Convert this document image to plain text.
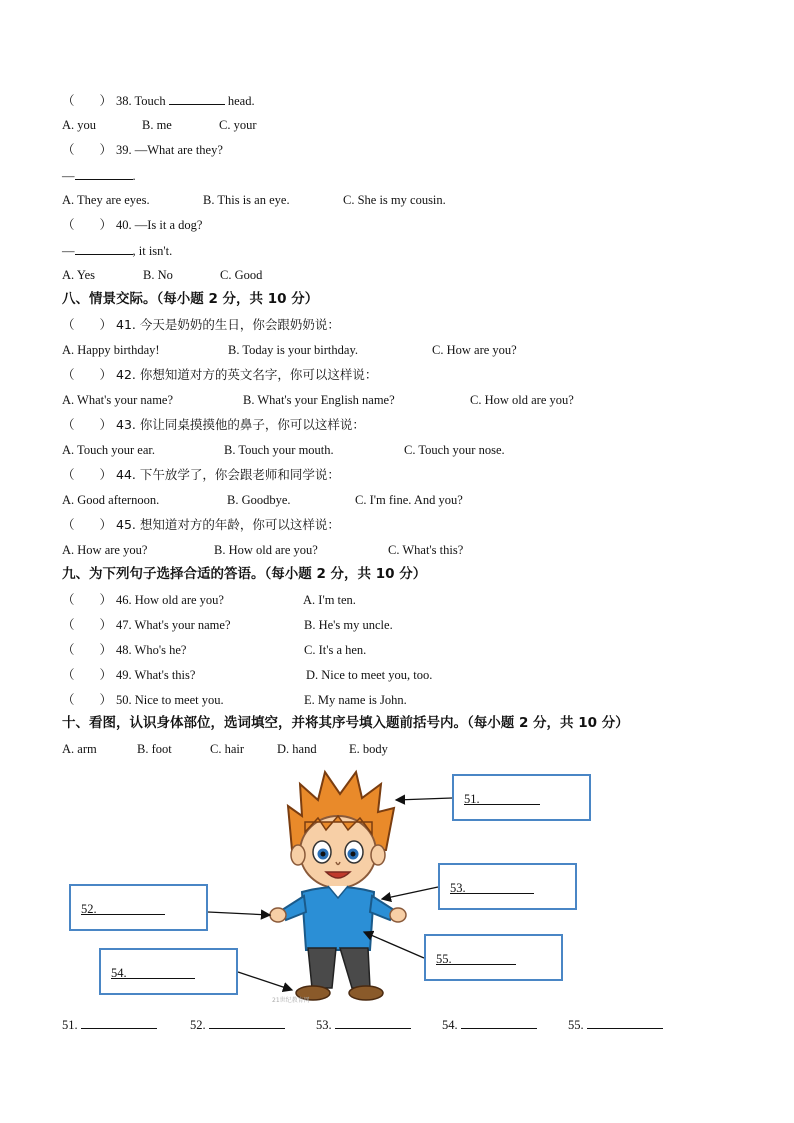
（　　） 38. Touch	head.
A. you	B. me	C. your
（　　） 39. —What are they?
—	.
A. They are eyes.	B. This is an eye.	C. She is my cousin.
（　　） 40. —Is it a dog?
—	, it isn't.
A. Yes	B. No	C. Good
八、情景交际。（每小题 2 分，共 10 分）
（　　） 41. 今天是奶奶的生日，你会跟奶奶说：
A. Happy birthday!	B. Today is your birthday.	C. How are you?
（　　） 42. 你想知道对方的英文名字，你可以这样说：
A. What's your name?	B. What's your English name?	C. How old are you?
（　　） 43. 你让同桌摸摸他的鼻子，你可以这样说：
A. Touch your ear.	B. Touch your mouth.	C. Touch your nose.
（　　） 44. 下午放学了，你会跟老师和同学说：
A. Good afternoon.	B. Goodbye.	C. I'm fine. And you?
（　　） 45. 想知道对方的年龄，你可以这样说：
A. How are you?	B. How old are you?	C. What's this?
九、为下列句子选择合适的答语。（每小题 2 分，共 10 分）
（　　） 46. How old are you?	A. I'm ten.
（　　） 47. What's your name?	B. He's my uncle.
（　　） 48. Who's he?	C. It's a hen.
（　　） 49. What's this?	D. Nice to meet you, too.
（　　） 50. Nice to meet you.	E. My name is John.
十、看图，认识身体部位，选词填空，并将其序号填入题前括号内。（每小题 2 分，共 10 分）
A. arm	B. foot	C. hair	D. hand	E. body
21世纪教育网
51.
52.
53.
54.
55.
51.	52.	53.	54.	55.
